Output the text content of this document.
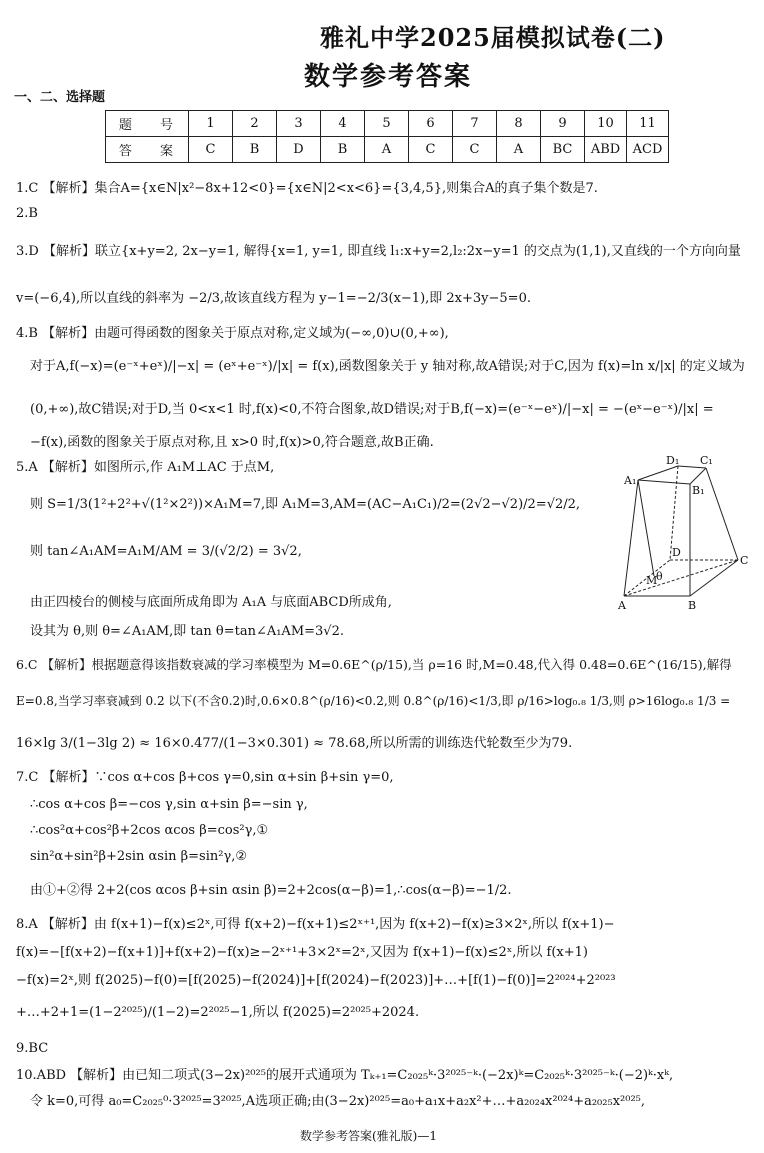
雅礼中学2025届模拟试卷(二)
数学参考答案
一、二、选择题
题 号	1	2	3	4	5	6	7	8	9	10	11
答 案	C	B	D	B	A	C	C	A	BC	ABD	ACD
1.C 【解析】集合A={x∈N|x²−8x+12<0}={x∈N|2<x<6}={3,4,5},则集合A的真子集个数是7.
2.B
3.D 【解析】联立{x+y=2, 2x−y=1, 解得{x=1, y=1, 即直线 l₁:x+y=2,l₂:2x−y=1 的交点为(1,1),又直线的一个方向向量
v=(−6,4),所以直线的斜率为 −2/3,故该直线方程为 y−1=−2/3(x−1),即 2x+3y−5=0.
4.B 【解析】由题可得函数的图象关于原点对称,定义域为(−∞,0)∪(0,+∞),
对于A,f(−x)=(e⁻ˣ+eˣ)/|−x| = (eˣ+e⁻ˣ)/|x| = f(x),函数图象关于 y 轴对称,故A错误;对于C,因为 f(x)=ln x/|x| 的定义域为
(0,+∞),故C错误;对于D,当 0<x<1 时,f(x)<0,不符合图象,故D错误;对于B,f(−x)=(e⁻ˣ−eˣ)/|−x| = −(eˣ−e⁻ˣ)/|x| =
−f(x),函数的图象关于原点对称,且 x>0 时,f(x)>0,符合题意,故B正确.
5.A 【解析】如图所示,作 A₁M⊥AC 于点M,
则 S=1/3(1²+2²+√(1²×2²))×A₁M=7,即 A₁M=3,AM=(AC−A₁C₁)/2=(2√2−√2)/2=√2/2,
则 tan∠A₁AM=A₁M/AM = 3/(√2/2) = 3√2,
由正四棱台的侧棱与底面所成角即为 A₁A 与底面ABCD所成角,
设其为 θ,则 θ=∠A₁AM,即 tan θ=tan∠A₁AM=3√2.
6.C 【解析】根据题意得该指数衰减的学习率模型为 M=0.6E^(ρ/15),当 ρ=16 时,M=0.48,代入得 0.48=0.6E^(16/15),解得
E=0.8,当学习率衰减到 0.2 以下(不含0.2)时,0.6×0.8^(ρ/16)<0.2,则 0.8^(ρ/16)<1/3,即 ρ/16>log₀.₈ 1/3,则 ρ>16log₀.₈ 1/3 =
16×lg 3/(1−3lg 2) ≈ 16×0.477/(1−3×0.301) ≈ 78.68,所以所需的训练迭代轮数至少为79.
7.C 【解析】∵cos α+cos β+cos γ=0,sin α+sin β+sin γ=0,
∴cos α+cos β=−cos γ,sin α+sin β=−sin γ,
∴cos²α+cos²β+2cos αcos β=cos²γ,①
sin²α+sin²β+2sin αsin β=sin²γ,②
由①+②得 2+2(cos αcos β+sin αsin β)=2+2cos(α−β)=1,∴cos(α−β)=−1/2.
8.A 【解析】由 f(x+1)−f(x)≤2ˣ,可得 f(x+2)−f(x+1)≤2ˣ⁺¹,因为 f(x+2)−f(x)≥3×2ˣ,所以 f(x+1)−
f(x)=−[f(x+2)−f(x+1)]+f(x+2)−f(x)≥−2ˣ⁺¹+3×2ˣ=2ˣ,又因为 f(x+1)−f(x)≤2ˣ,所以 f(x+1)
−f(x)=2ˣ,则 f(2025)−f(0)=[f(2025)−f(2024)]+[f(2024)−f(2023)]+…+[f(1)−f(0)]=2²⁰²⁴+2²⁰²³
+…+2+1=(1−2²⁰²⁵)/(1−2)=2²⁰²⁵−1,所以 f(2025)=2²⁰²⁵+2024.
9.BC
10.ABD 【解析】由已知二项式(3−2x)²⁰²⁵的展开式通项为 Tₖ₊₁=C₂₀₂₅ᵏ·3²⁰²⁵⁻ᵏ·(−2x)ᵏ=C₂₀₂₅ᵏ·3²⁰²⁵⁻ᵏ·(−2)ᵏ·xᵏ,
令 k=0,可得 a₀=C₂₀₂₅⁰·3²⁰²⁵=3²⁰²⁵,A选项正确;由(3−2x)²⁰²⁵=a₀+a₁x+a₂x²+…+a₂₀₂₄x²⁰²⁴+a₂₀₂₅x²⁰²⁵,
D₁ C₁
A₁
B₁
D
M
θ
C
A	B
数学参考答案(雅礼版)—1
